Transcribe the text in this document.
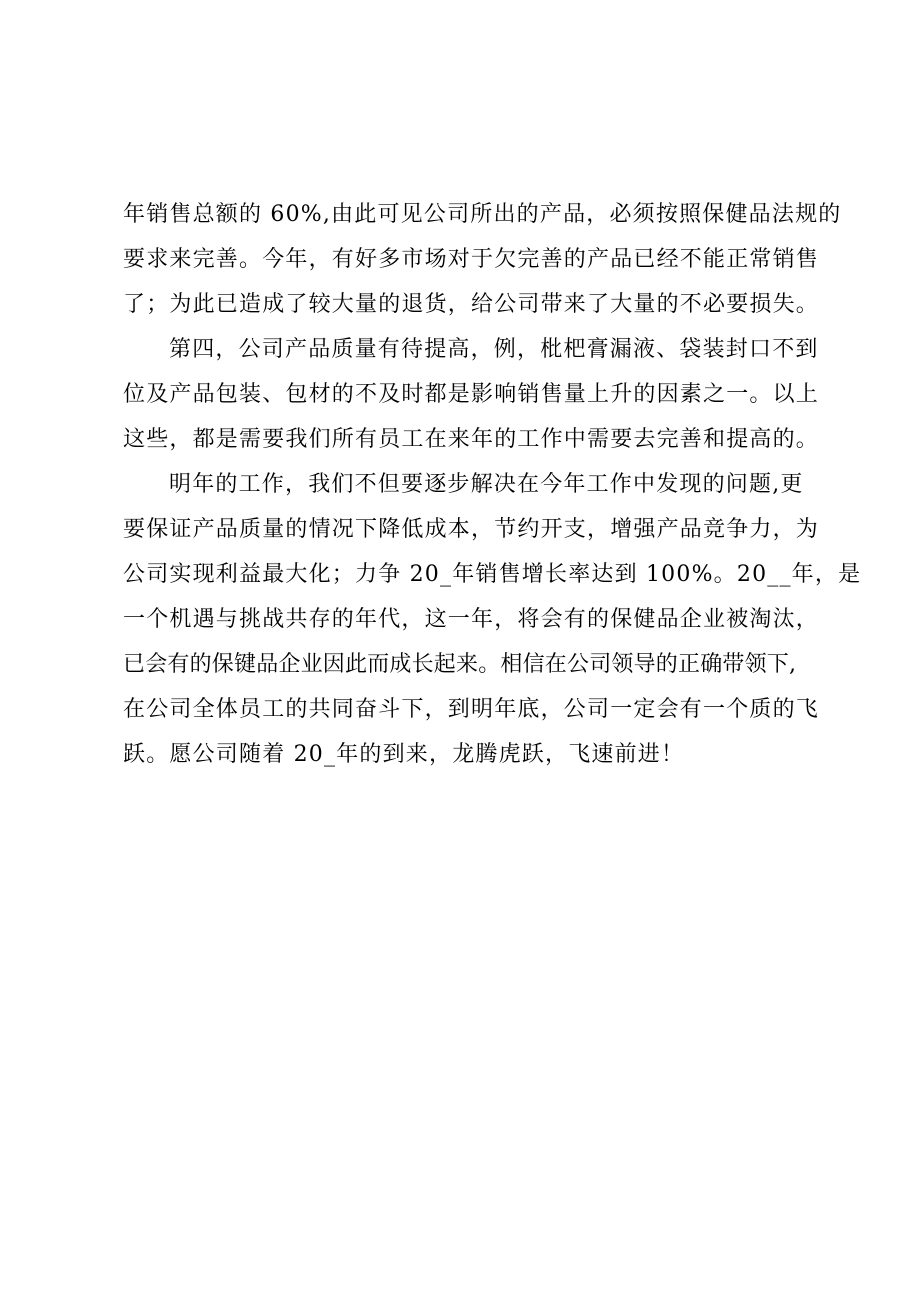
年销售总额的 60%,由此可见公司所出的产品，必须按照保健品法规的
要求来完善。今年，有好多市场对于欠完善的产品已经不能正常销售
了；为此已造成了较大量的退货，给公司带来了大量的不必要损失。
第四，公司产品质量有待提高，例，枇杷膏漏液、袋装封口不到
位及产品包装、包材的不及时都是影响销售量上升的因素之一。以上
这些，都是需要我们所有员工在来年的工作中需要去完善和提高的。
明年的工作，我们不但要逐步解决在今年工作中发现的问题,更
要保证产品质量的情况下降低成本，节约开支，增强产品竞争力，为
公司实现利益最大化；力争 20_年销售增长率达到 100%。20__年，是
一个机遇与挑战共存的年代，这一年，将会有的保健品企业被淘汰，
已会有的保键品企业因此而成长起来。相信在公司领导的正确带领下,
在公司全体员工的共同奋斗下，到明年底，公司一定会有一个质的飞
跃。愿公司随着 20_年的到来，龙腾虎跃，飞速前进！
